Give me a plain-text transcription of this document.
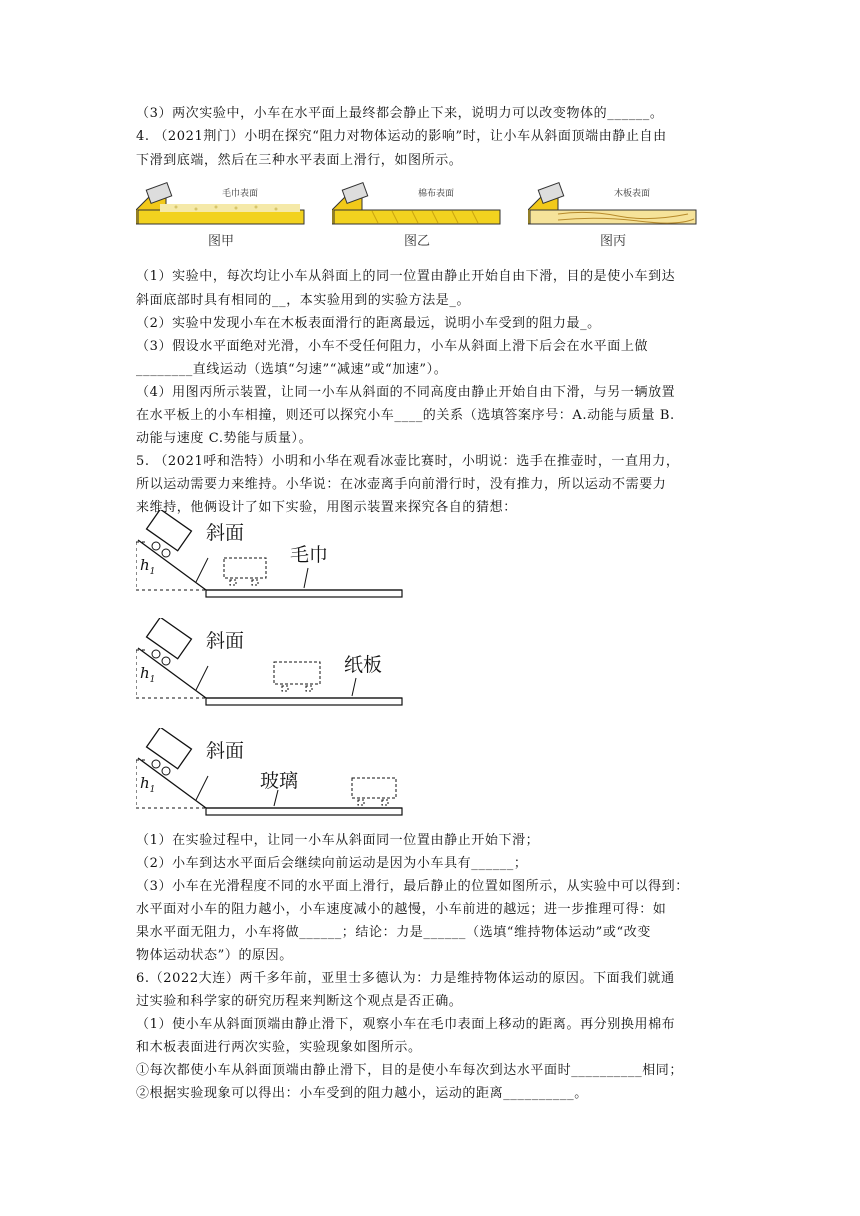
（3）两次实验中，小车在水平面上最终都会静止下来，说明力可以改变物体的______。
4. （2021荆门）小明在探究“阻力对物体运动的影响”时，让小车从斜面顶端由静止自由
下滑到底端，然后在三种水平表面上滑行，如图所示。
毛巾表面
图甲
棉布表面
图乙
木板表面
图丙
（1）实验中，每次均让小车从斜面上的同一位置由静止开始自由下滑，目的是使小车到达
斜面底部时具有相同的__，本实验用到的实验方法是_。
（2）实验中发现小车在木板表面滑行的距离最远，说明小车受到的阻力最_。
（3）假设水平面绝对光滑，小车不受任何阻力，小车从斜面上滑下后会在水平面上做
________直线运动（选填“匀速”“减速”或“加速”）。
（4）用图丙所示装置，让同一小车从斜面的不同高度由静止开始自由下滑，与另一辆放置
在水平板上的小车相撞，则还可以探究小车____的关系（选填答案序号：A.动能与质量 B.
动能与速度 C.势能与质量）。
5. （2021呼和浩特）小明和小华在观看冰壶比赛时，小明说：选手在推壶时，一直用力，
所以运动需要力来维持。小华说：在冰壶离手向前滑行时，没有推力，所以运动不需要力
来维持，他俩设计了如下实验，用图示装置来探究各自的猜想：
斜面
毛巾
$h_1$
斜面
纸板
$h_1$
斜面
玻璃
$h_1$
（1）在实验过程中，让同一小车从斜面同一位置由静止开始下滑；
（2）小车到达水平面后会继续向前运动是因为小车具有______；
（3）小车在光滑程度不同的水平面上滑行，最后静止的位置如图所示，从实验中可以得到：
水平面对小车的阻力越小，小车速度减小的越慢，小车前进的越远；进一步推理可得：如
果水平面无阻力，小车将做______；结论：力是______（选填“维持物体运动”或“改变
物体运动状态”）的原因。
6.（2022大连）两千多年前，亚里士多德认为：力是维持物体运动的原因。下面我们就通
过实验和科学家的研究历程来判断这个观点是否正确。
（1）使小车从斜面顶端由静止滑下，观察小车在毛巾表面上移动的距离。再分别换用棉布
和木板表面进行两次实验，实验现象如图所示。
①每次都使小车从斜面顶端由静止滑下，目的是使小车每次到达水平面时__________相同；
②根据实验现象可以得出：小车受到的阻力越小，运动的距离__________。
